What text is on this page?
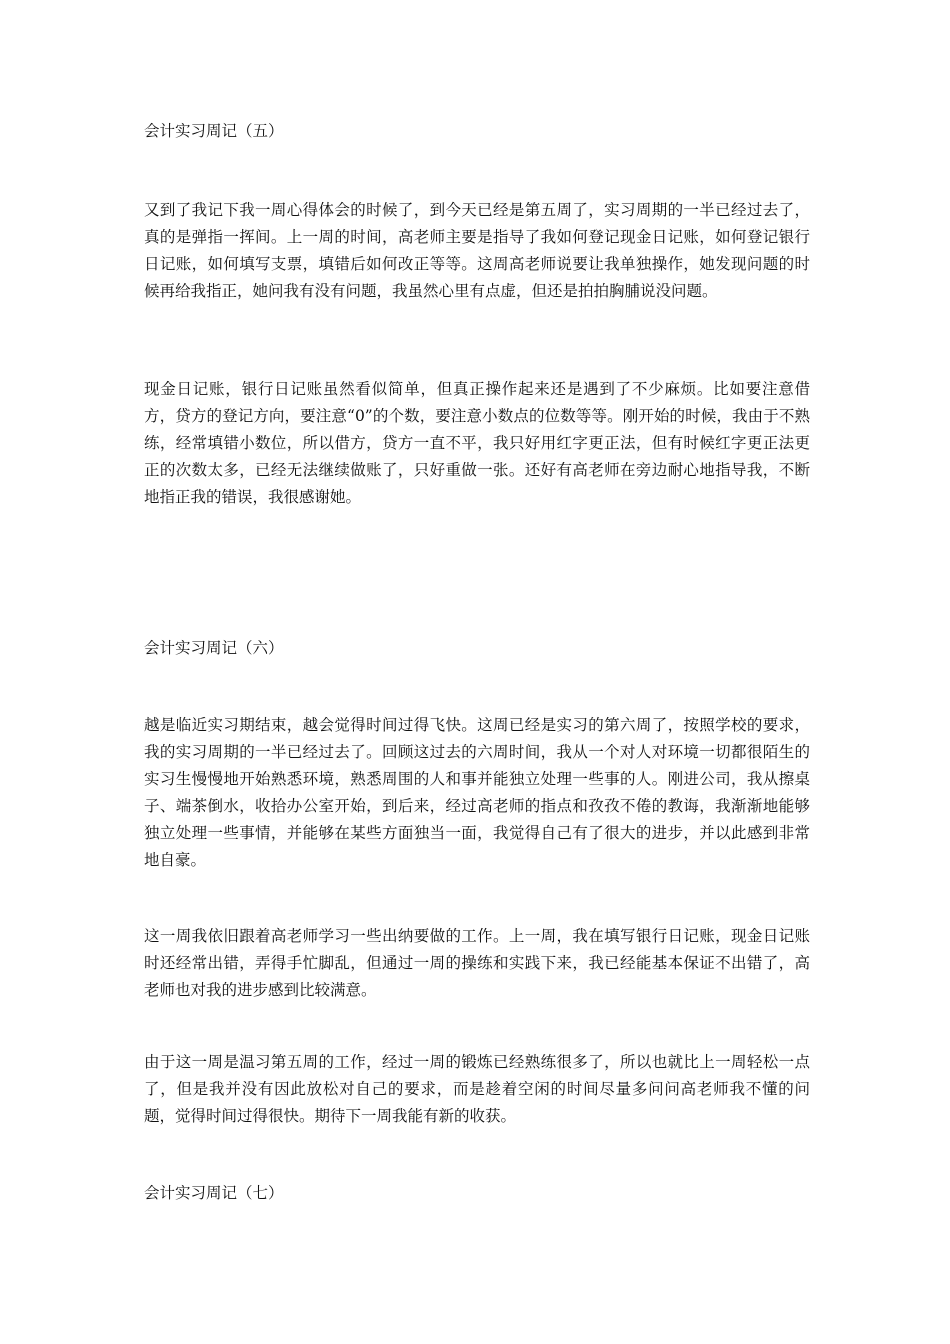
会计实习周记（五）

又到了我记下我一周心得体会的时候了，到今天已经是第五周了，实习周期的一半已经过去了，真的是弹指一挥间。上一周的时间，高老师主要是指导了我如何登记现金日记账，如何登记银行日记账，如何填写支票，填错后如何改正等等。这周高老师说要让我单独操作，她发现问题的时候再给我指正，她问我有没有问题，我虽然心里有点虚，但还是拍拍胸脯说没问题。

现金日记账，银行日记账虽然看似简单，但真正操作起来还是遇到了不少麻烦。比如要注意借方，贷方的登记方向，要注意“0”的个数，要注意小数点的位数等等。刚开始的时候，我由于不熟练，经常填错小数位，所以借方，贷方一直不平，我只好用红字更正法，但有时候红字更正法更正的次数太多，已经无法继续做账了，只好重做一张。还好有高老师在旁边耐心地指导我，不断地指正我的错误，我很感谢她。

会计实习周记（六）

越是临近实习期结束，越会觉得时间过得飞快。这周已经是实习的第六周了，按照学校的要求，我的实习周期的一半已经过去了。回顾这过去的六周时间，我从一个对人对环境一切都很陌生的实习生慢慢地开始熟悉环境，熟悉周围的人和事并能独立处理一些事的人。刚进公司，我从擦桌子、端茶倒水，收拾办公室开始，到后来，经过高老师的指点和孜孜不倦的教诲，我渐渐地能够独立处理一些事情，并能够在某些方面独当一面，我觉得自己有了很大的进步，并以此感到非常地自豪。

这一周我依旧跟着高老师学习一些出纳要做的工作。上一周，我在填写银行日记账，现金日记账时还经常出错，弄得手忙脚乱，但通过一周的操练和实践下来，我已经能基本保证不出错了，高老师也对我的进步感到比较满意。

由于这一周是温习第五周的工作，经过一周的锻炼已经熟练很多了，所以也就比上一周轻松一点了，但是我并没有因此放松对自己的要求，而是趁着空闲的时间尽量多问问高老师我不懂的问题，觉得时间过得很快。期待下一周我能有新的收获。

会计实习周记（七）
